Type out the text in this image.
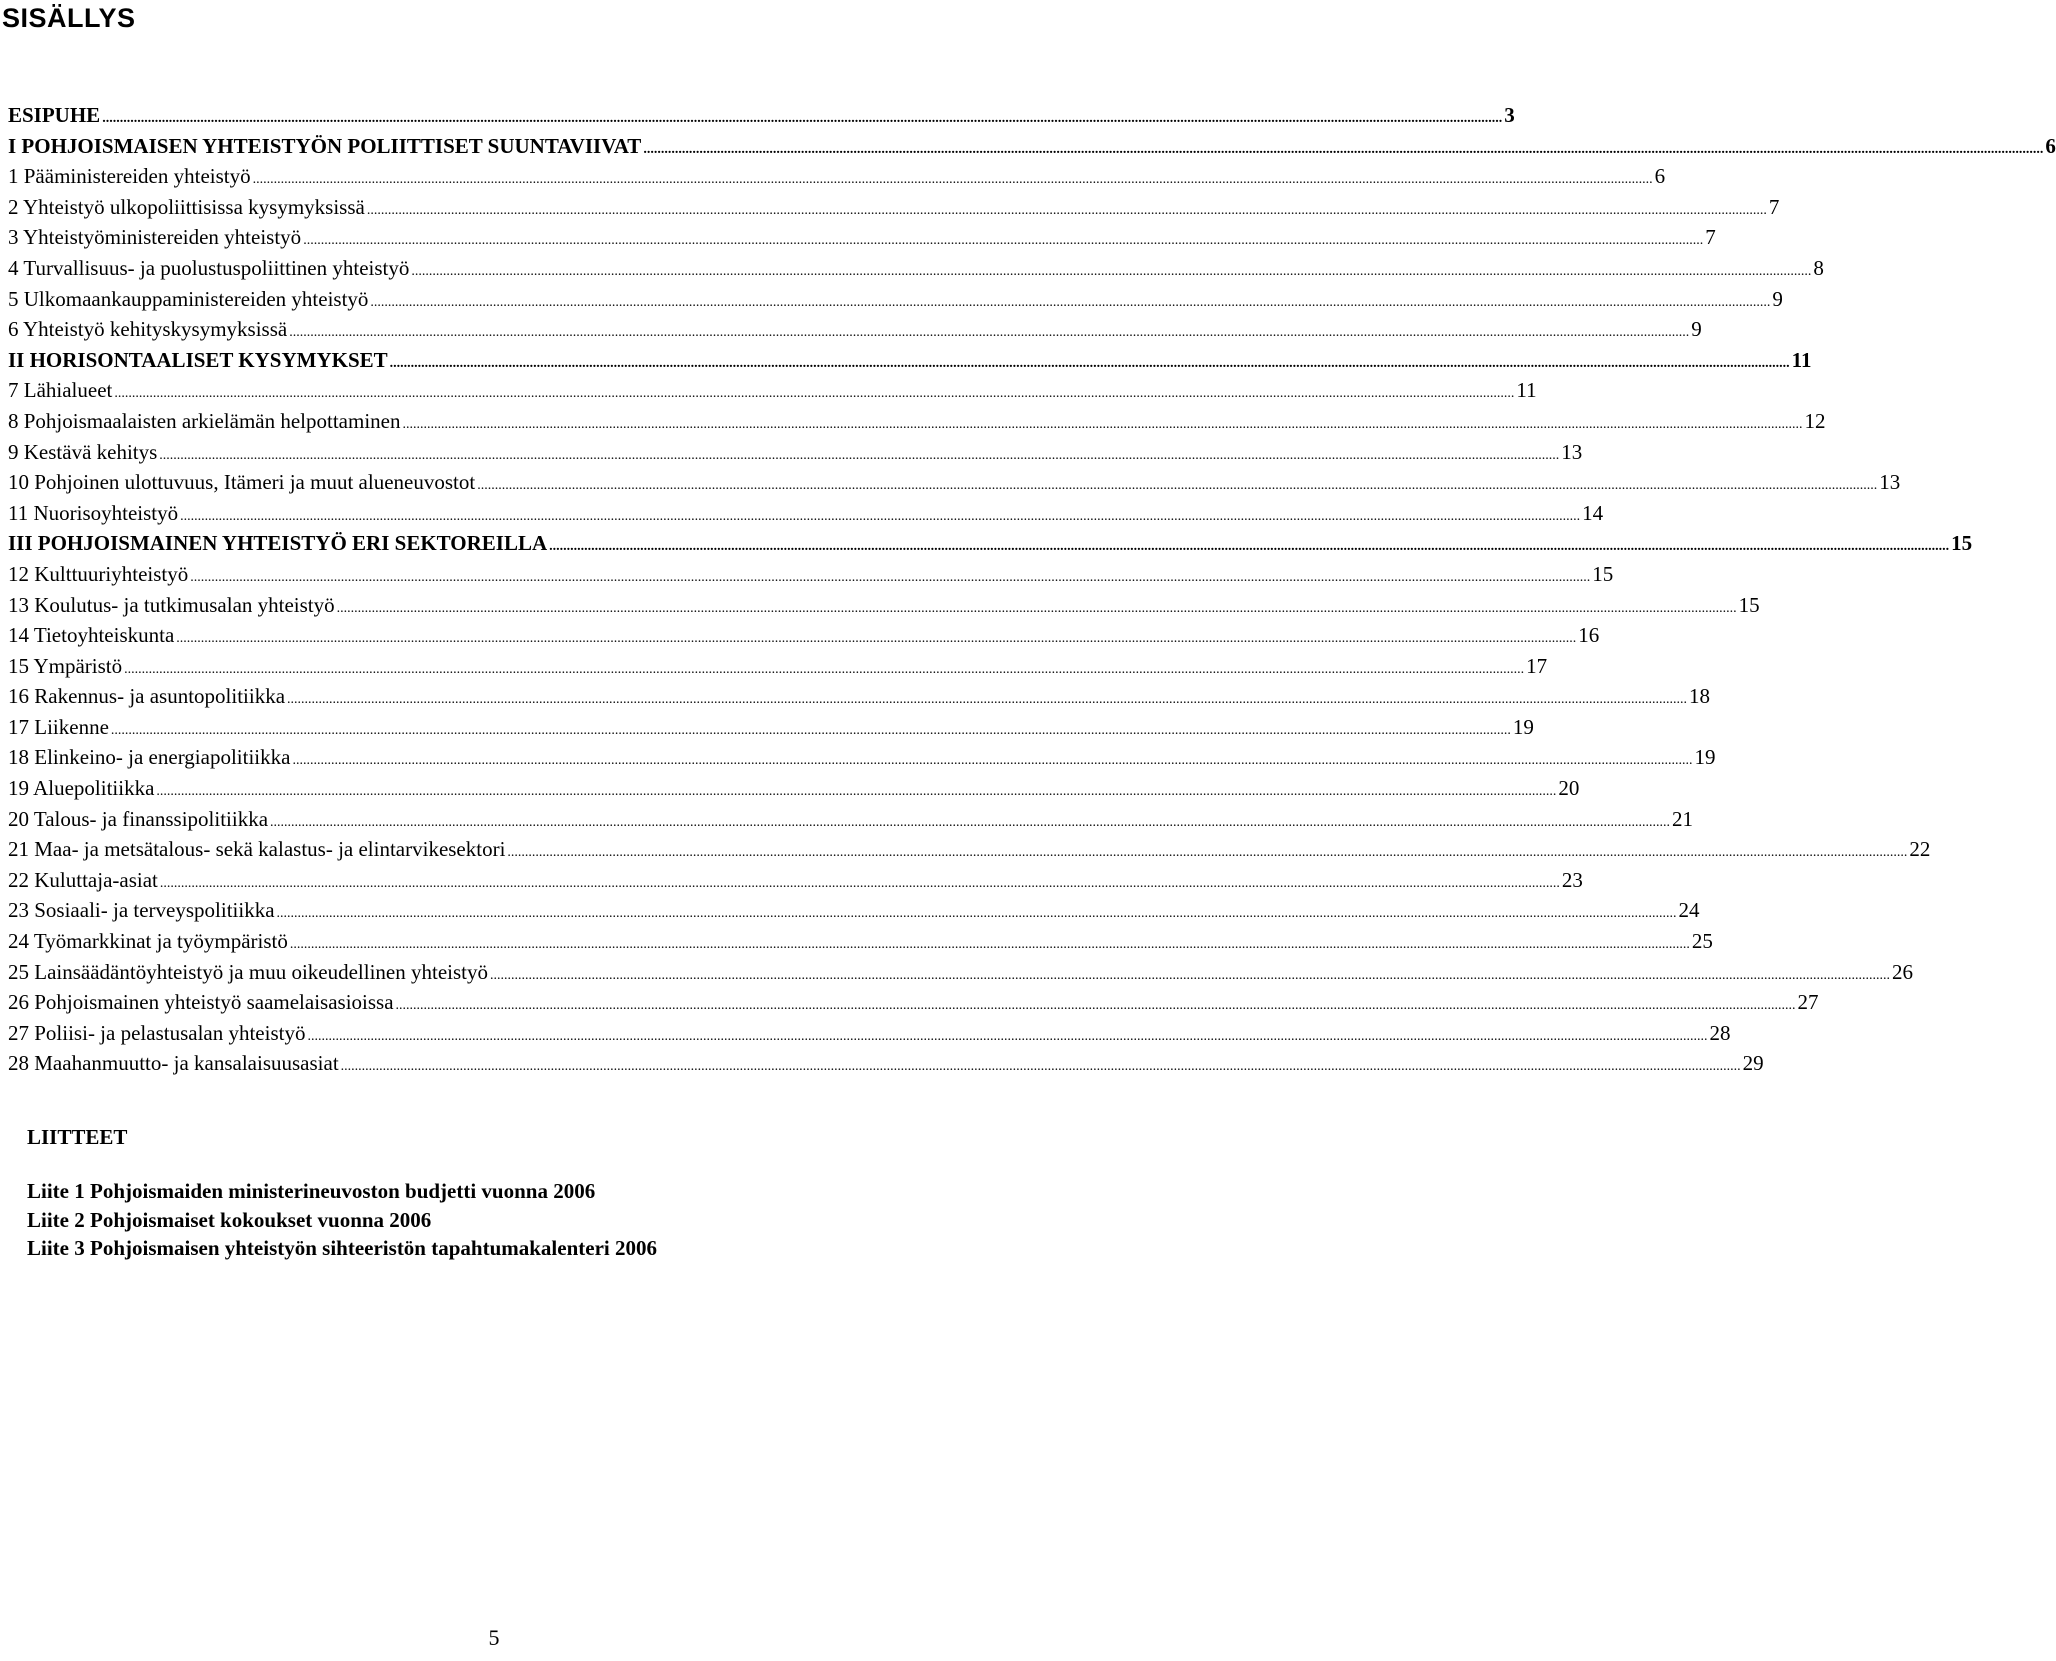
SISÄLLYS
ESIPUHE ................................................................................................................................................................................................................................................................................................................................................................................................................ 3
I POHJOISMAISEN YHTEISTYÖN POLIITTISET SUUNTAVIIVAT ................................................................................................................................................................................................................................................................................................................................................................................................................ 6
1 Pääministereiden yhteistyö ................................................................................................................................................................................................................................................................................................................................................................................................................ 6
2 Yhteistyö ulkopoliittisissa kysymyksissä ................................................................................................................................................................................................................................................................................................................................................................................................................ 7
3 Yhteistyöministereiden yhteistyö ................................................................................................................................................................................................................................................................................................................................................................................................................ 7
4 Turvallisuus- ja puolustuspoliittinen yhteistyö ................................................................................................................................................................................................................................................................................................................................................................................................................ 8
5 Ulkomaankauppaministereiden yhteistyö ................................................................................................................................................................................................................................................................................................................................................................................................................ 9
6 Yhteistyö kehityskysymyksissä ................................................................................................................................................................................................................................................................................................................................................................................................................ 9
II HORISONTAALISET KYSYMYKSET ................................................................................................................................................................................................................................................................................................................................................................................................................ 11
7 Lähialueet ................................................................................................................................................................................................................................................................................................................................................................................................................ 11
8 Pohjoismaalaisten arkielämän helpottaminen ................................................................................................................................................................................................................................................................................................................................................................................................................ 12
9 Kestävä kehitys ................................................................................................................................................................................................................................................................................................................................................................................................................ 13
10 Pohjoinen ulottuvuus, Itämeri ja muut alueneuvostot ................................................................................................................................................................................................................................................................................................................................................................................................................ 13
11 Nuorisoyhteistyö ................................................................................................................................................................................................................................................................................................................................................................................................................ 14
III POHJOISMAINEN YHTEISTYÖ ERI SEKTOREILLA ................................................................................................................................................................................................................................................................................................................................................................................................................ 15
12 Kulttuuriyhteistyö ................................................................................................................................................................................................................................................................................................................................................................................................................ 15
13 Koulutus- ja tutkimusalan yhteistyö ................................................................................................................................................................................................................................................................................................................................................................................................................ 15
14 Tietoyhteiskunta ................................................................................................................................................................................................................................................................................................................................................................................................................ 16
15 Ympäristö ................................................................................................................................................................................................................................................................................................................................................................................................................ 17
16 Rakennus- ja asuntopolitiikka ................................................................................................................................................................................................................................................................................................................................................................................................................ 18
17 Liikenne ................................................................................................................................................................................................................................................................................................................................................................................................................ 19
18 Elinkeino- ja energiapolitiikka ................................................................................................................................................................................................................................................................................................................................................................................................................ 19
19 Aluepolitiikka ................................................................................................................................................................................................................................................................................................................................................................................................................ 20
20 Talous- ja finanssipolitiikka ................................................................................................................................................................................................................................................................................................................................................................................................................ 21
21 Maa- ja metsätalous- sekä kalastus- ja elintarvikesektori ................................................................................................................................................................................................................................................................................................................................................................................................................ 22
22 Kuluttaja-asiat ................................................................................................................................................................................................................................................................................................................................................................................................................ 23
23 Sosiaali- ja terveyspolitiikka ................................................................................................................................................................................................................................................................................................................................................................................................................ 24
24 Työmarkkinat ja työympäristö ................................................................................................................................................................................................................................................................................................................................................................................................................ 25
25 Lainsäädäntöyhteistyö ja muu oikeudellinen yhteistyö ................................................................................................................................................................................................................................................................................................................................................................................................................ 26
26 Pohjoismainen yhteistyö saamelaisasioissa ................................................................................................................................................................................................................................................................................................................................................................................................................ 27
27 Poliisi- ja pelastusalan yhteistyö ................................................................................................................................................................................................................................................................................................................................................................................................................ 28
28 Maahanmuutto- ja kansalaisuusasiat ................................................................................................................................................................................................................................................................................................................................................................................................................ 29
LIITTEET
Liite 1 Pohjoismaiden ministerineuvoston budjetti vuonna 2006
Liite 2 Pohjoismaiset kokoukset vuonna 2006
Liite 3 Pohjoismaisen yhteistyön sihteeristön tapahtumakalenteri 2006
5
